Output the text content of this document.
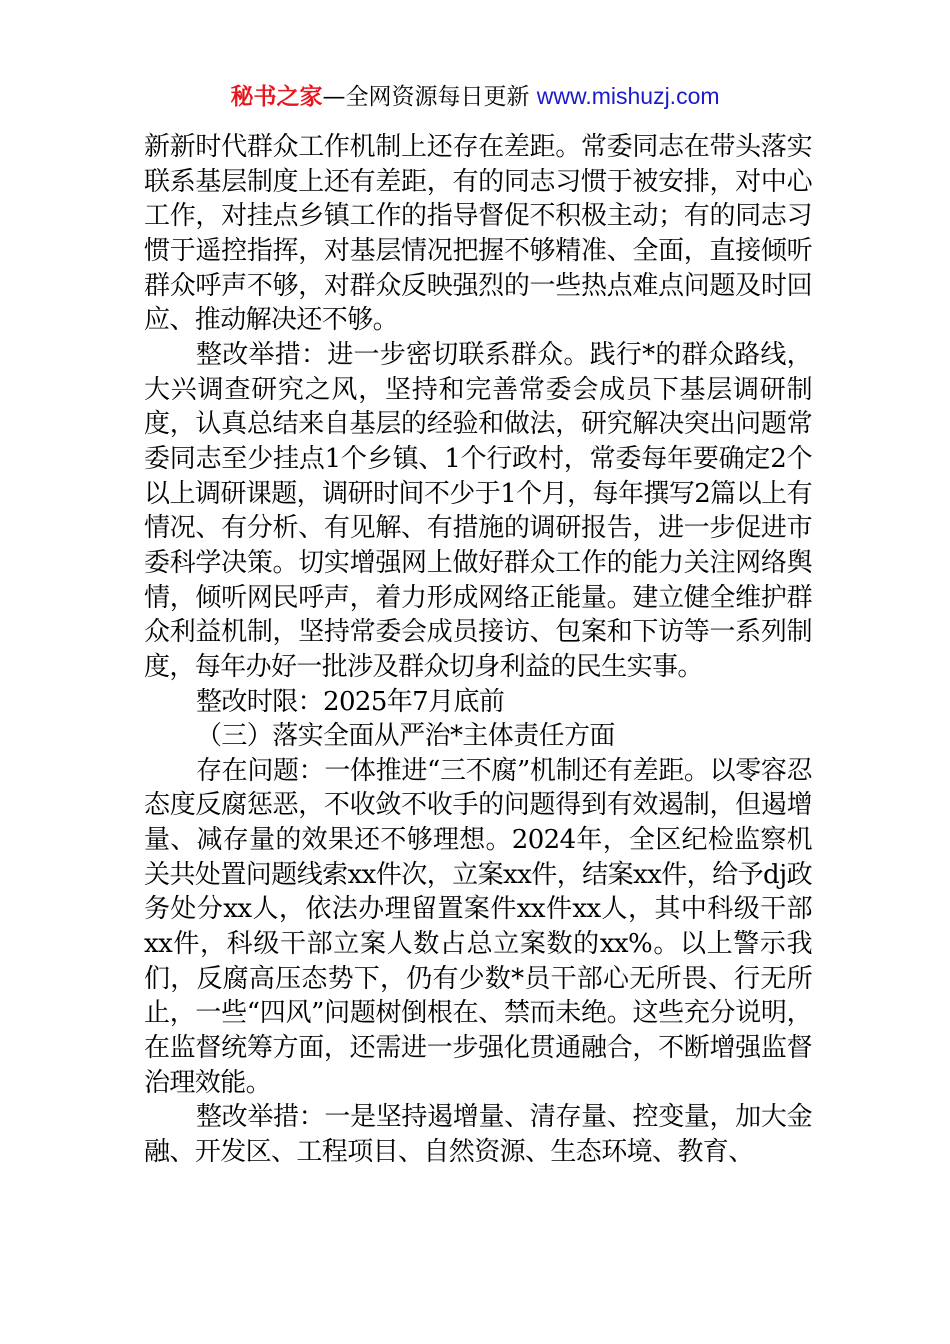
秘书之家—全网资源每日更新 www.mishuzj.com

新新时代群众工作机制上还存在差距。常委同志在带头落实联系基层制度上还有差距，有的同志习惯于被安排，对中心工作，对挂点乡镇工作的指导督促不积极主动；有的同志习惯于遥控指挥，对基层情况把握不够精准、全面，直接倾听群众呼声不够，对群众反映强烈的一些热点难点问题及时回应、推动解决还不够。

整改举措：进一步密切联系群众。践行*的群众路线，大兴调查研究之风，坚持和完善常委会成员下基层调研制度，认真总结来自基层的经验和做法，研究解决突出问题常委同志至少挂点1个乡镇、1个行政村，常委每年要确定2个以上调研课题，调研时间不少于1个月，每年撰写2篇以上有情况、有分析、有见解、有措施的调研报告，进一步促进市委科学决策。切实增强网上做好群众工作的能力关注网络舆情，倾听网民呼声，着力形成网络正能量。建立健全维护群众利益机制，坚持常委会成员接访、包案和下访等一系列制度，每年办好一批涉及群众切身利益的民生实事。

整改时限：2025年7月底前

（三）落实全面从严治*主体责任方面

存在问题：一体推进“三不腐”机制还有差距。以零容忍态度反腐惩恶，不收敛不收手的问题得到有效遏制，但遏增量、减存量的效果还不够理想。2024年，全区纪检监察机关共处置问题线索xx件次，立案xx件，结案xx件，给予dj政务处分xx人，依法办理留置案件xx件xx人，其中科级干部xx件，科级干部立案人数占总立案数的xx%。以上警示我们，反腐高压态势下，仍有少数*员干部心无所畏、行无所止，一些“四风”问题树倒根在、禁而未绝。这些充分说明，在监督统筹方面，还需进一步强化贯通融合，不断增强监督治理效能。

整改举措：一是坚持遏增量、清存量、控变量，加大金融、开发区、工程项目、自然资源、生态环境、教育、
